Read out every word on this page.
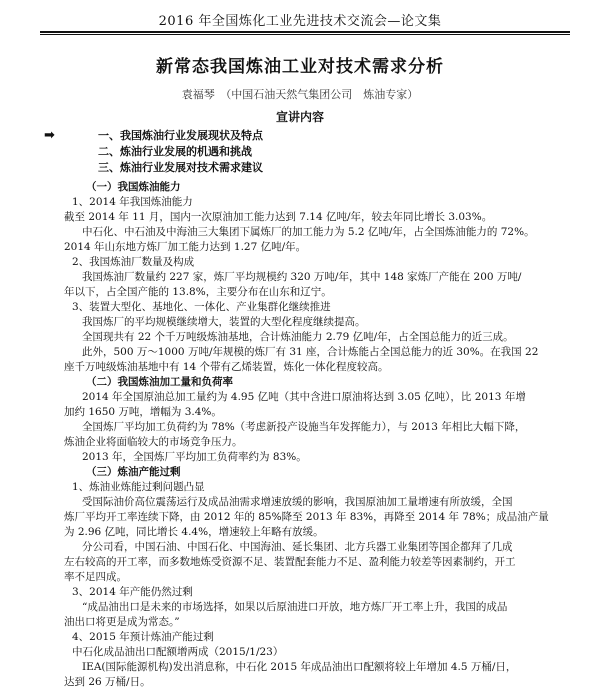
2016 年全国炼化工业先进技术交流会—论文集
新常态我国炼油工业对技术需求分析
袁福琴　（中国石油天然气集团公司　炼油专家）
宣讲内容
➡	一、我国炼油行业发展现状及特点
二、炼油行业发展的机遇和挑战
三、炼油行业发展对技术需求建议

（一）我国炼油能力

1、2014 年我国炼油能力

截至 2014 年 11 月，国内一次原油加工能力达到 7.14 亿吨/年，较去年同比增长 3.03%。

中石化、中石油及中海油三大集团下属炼厂的加工能力为 5.2 亿吨/年，占全国炼油能力的 72%。

2014 年山东地方炼厂加工能力达到 1.27 亿吨/年。

2、我国炼油厂数量及构成

我国炼油厂数量约 227 家，炼厂平均规模约 320 万吨/年，其中 148 家炼厂产能在 200 万吨/

年以下，占全国产能的 13.8%，主要分布在山东和辽宁。

3、装置大型化、基地化、一体化、产业集群化继续推进

我国炼厂的平均规模继续增大，装置的大型化程度继续提高。

全国现共有 22 个千万吨级炼油基地，合计炼油能力 2.79 亿吨/年，占全国总能力的近三成。

此外，500 万～1000 万吨/年规模的炼厂有 31 座，合计炼能占全国总能力的近 30%。在我国 22

座千万吨级炼油基地中有 14 个带有乙烯装置，炼化一体化程度较高。

（二）我国炼油加工量和负荷率

2014 年全国原油总加工量约为 4.95 亿吨（其中含进口原油将达到 3.05 亿吨），比 2013 年增

加约 1650 万吨，增幅为 3.4%。

全国炼厂平均加工负荷约为 78%（考虑新投产设施当年发挥能力），与 2013 年相比大幅下降，

炼油企业将面临较大的市场竞争压力。

2013 年，全国炼厂平均加工负荷率约为 83%。

（三）炼油产能过剩

1、炼油业炼能过剩问题凸显

受国际油价高位震荡运行及成品油需求增速放缓的影响，我国原油加工量增速有所放缓，全国

炼厂平均开工率连续下降，由 2012 年的 85%降至 2013 年 83%，再降至 2014 年 78%；成品油产量

为 2.96 亿吨，同比增长 4.4%，增速较上年略有放缓。

分公司看，中国石油、中国石化、中国海油、延长集团、北方兵器工业集团等国企都拜了几成

左右较高的开工率，而多数地炼受资源不足、装置配套能力不足、盈利能力较差等因素制约，开工

率不足四成。

3、2014 年产能仍然过剩

“成品油出口是未来的市场选择，如果以后原油进口开放，地方炼厂开工率上升，我国的成品

油出口将更是成为常态。”

4、2015 年预计炼油产能过剩

中石化成品油出口配额增两成（2015/1/23）

IEA(国际能源机构)发出消息称，中石化 2015 年成品油出口配额将较上年增加 4.5 万桶/日，

达到 26 万桶/日。
